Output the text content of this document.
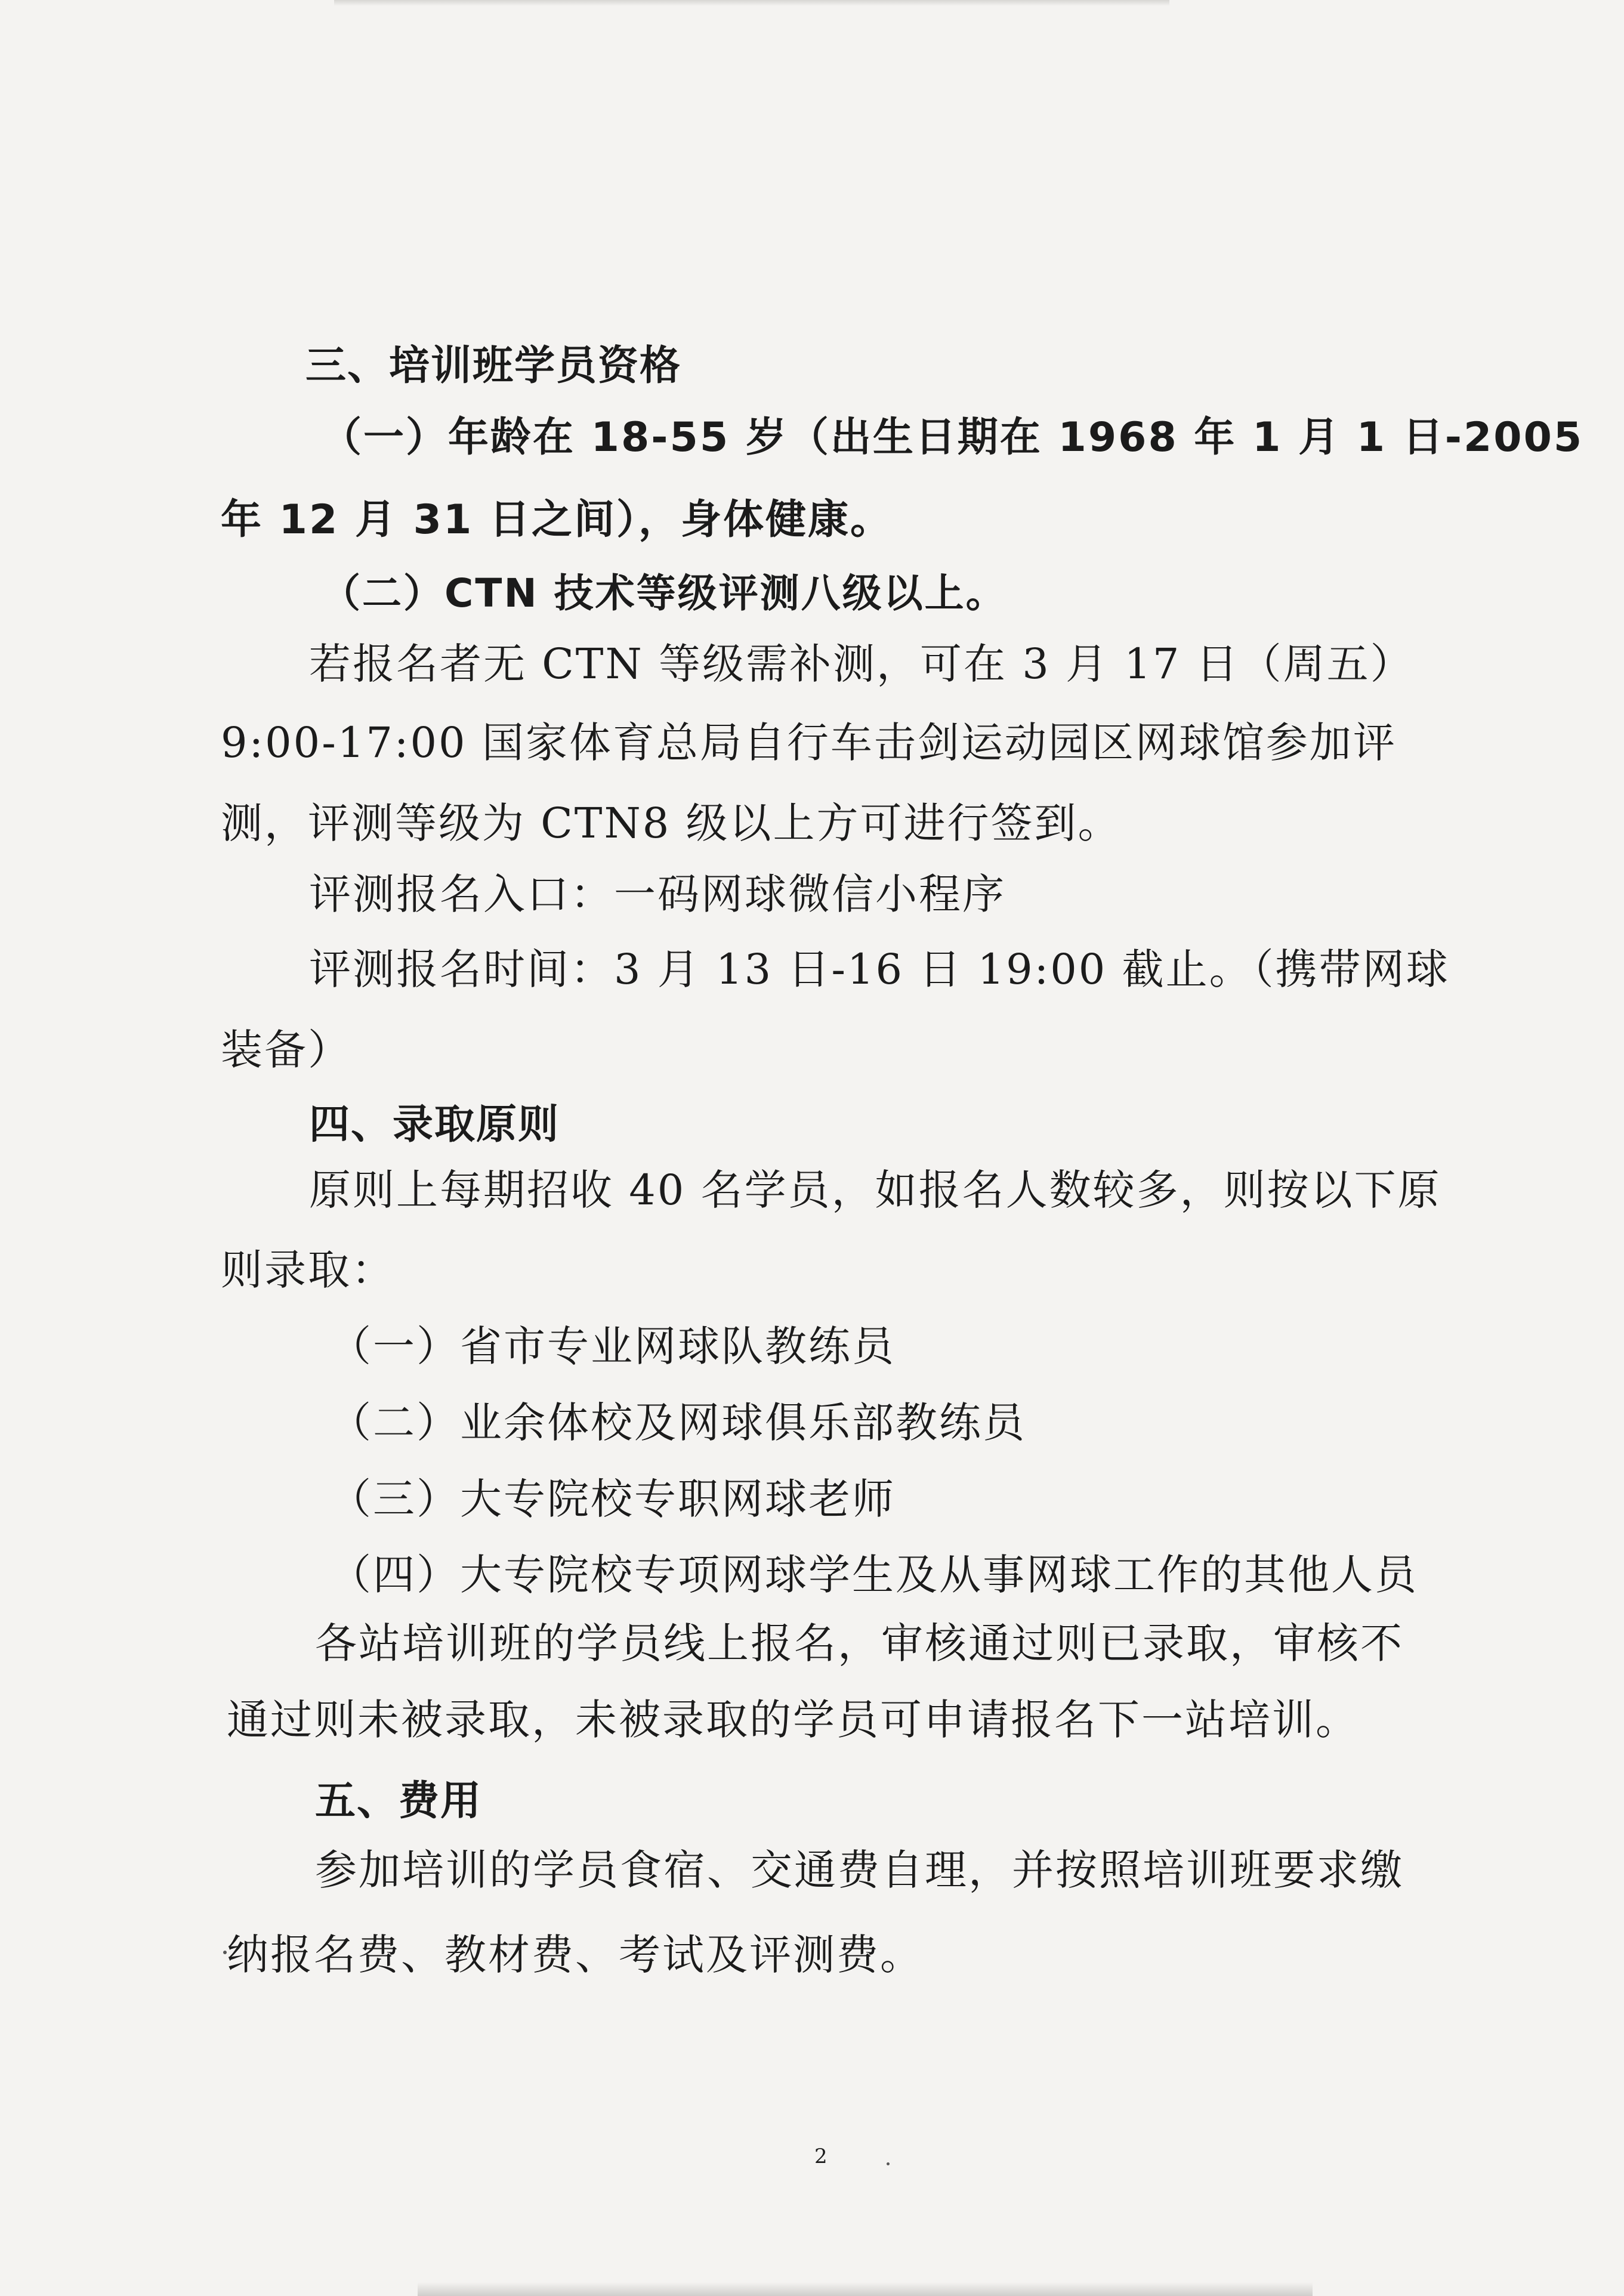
三、培训班学员资格

（一）年龄在 18-55 岁（出生日期在 1968 年 1 月 1 日-2005

年 12 月 31 日之间），身体健康。

（二）CTN 技术等级评测八级以上。

若报名者无 CTN 等级需补测，可在 3 月 17 日（周五）

9:00-17:00 国家体育总局自行车击剑运动园区网球馆参加评

测，评测等级为 CTN8 级以上方可进行签到。

评测报名入口：一码网球微信小程序

评测报名时间：3 月 13 日-16 日 19:00 截止。（携带网球

装备）

四、录取原则

原则上每期招收 40 名学员，如报名人数较多，则按以下原

则录取：

（一）省市专业网球队教练员

（二）业余体校及网球俱乐部教练员

（三）大专院校专职网球老师

（四）大专院校专项网球学生及从事网球工作的其他人员

各站培训班的学员线上报名，审核通过则已录取，审核不

通过则未被录取，未被录取的学员可申请报名下一站培训。

五、费用

参加培训的学员食宿、交通费自理，并按照培训班要求缴

纳报名费、教材费、考试及评测费。

2
